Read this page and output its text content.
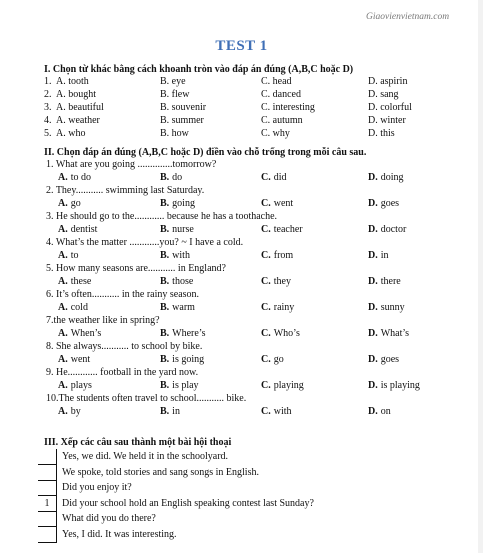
Giaovienvietnam.com
TEST 1
I. Chọn từ khác bằng cách khoanh tròn vào đáp án đúng (A,B,C hoặc D)
1. A. tooth	B. eye	C. head	D. aspirin
2. A. bought	B. flew	C. danced	D. sang
3. A. beautiful	B. souvenir	C. interesting	D. colorful
4. A. weather	B. summer	C. autumn	D. winter
5. A. who	B. how	C. why	D. this
II. Chọn đáp án đúng (A,B,C hoặc D) điền vào chỗ trống trong mỗi câu sau.
1. What are you going ..............tomorrow?
A. to do	B. do	C. did	D. doing
2. They........... swimming last Saturday.
A. go	B. going	C. went	D. goes
3. He should go to the............ because he has a toothache.
A. dentist	B. nurse	C. teacher	D. doctor
4. What’s the matter ............you? ~ I have a cold.
A. to	B. with	C. from	D. in
5. How many seasons are........... in England?
A. these	B. those	C. they	D. there
6. It’s often........... in the rainy season.
A. cold	B. warm	C. rainy	D. sunny
7.the weather like in spring?
A. When’s	B. Where’s	C. Who’s	D. What’s
8. She always........... to school by bike.
A. went	B. is going	C. go	D. goes
9. He............ football in the yard now.
A. plays	B. is play	C. playing	D. is playing
10.The students often travel to school........... bike.
A. by	B. in	C. with	D. on
III. Xếp các câu sau thành một bài hội thoại
Yes, we did. We held it in the schoolyard.
We spoke, told stories and sang songs in English.
Did you enjoy it?
1	Did your school hold an English speaking contest last Sunday?
What did you do there?
Yes, I did. It was interesting.
